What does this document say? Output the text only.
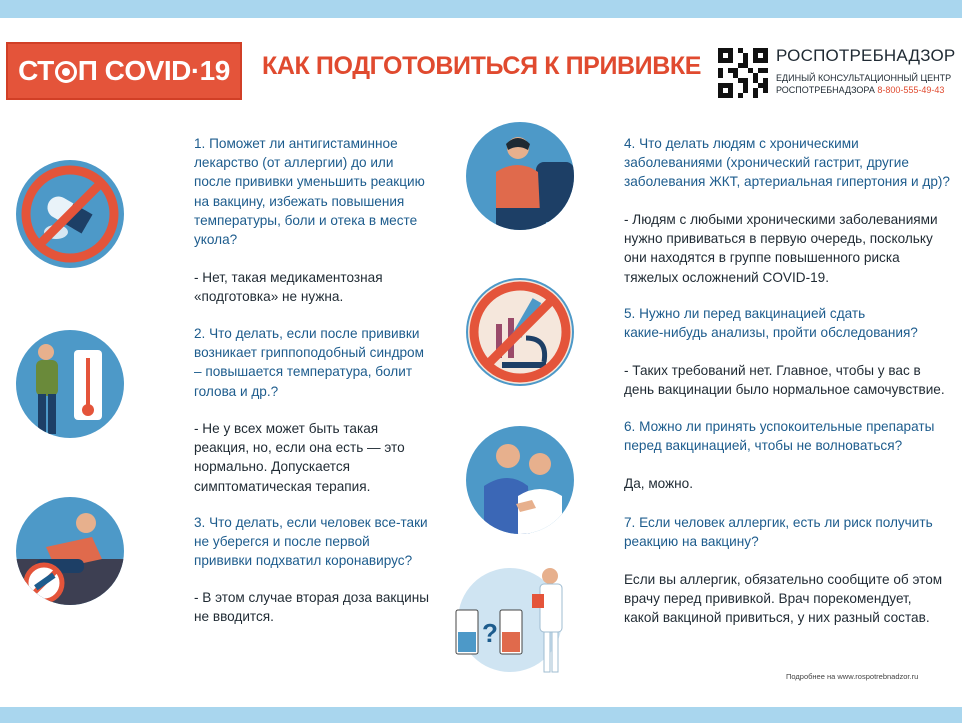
СТ П COVID·19 КАК ПОДГОТОВИТЬСЯ К ПРИВИВКЕ	РОСПОТРЕБНАДЗОР
ЕДИНЫЙ КОНСУЛЬТАЦИОННЫЙ ЦЕНТР
РОСПОТРЕБНАДЗОРА 8-800-555-49-43
?
1. Поможет ли антигистаминное
лекарство (от аллергии) до или
после прививки уменьшить реакцию
на вакцину, избежать повышения
температуры, боли и отека в месте
укола?
- Нет, такая медикаментозная
«подготовка» не нужна.
2. Что делать, если после прививки
возникает гриппоподобный синдром
– повышается температура, болит
голова и др.?
- Не у всех может быть такая
реакция, но, если она есть — это
нормально. Допускается
симптоматическая терапия.
3. Что делать, если человек все-таки
не уберегся и после первой
прививки подхватил коронавирус?
- В этом случае вторая доза вакцины
не вводится.
4. Что делать людям с хроническими
заболеваниями (хронический гастрит, другие
заболевания ЖКТ, артериальная гипертония и др)?
- Людям с любыми хроническими заболеваниями
нужно прививаться в первую очередь, поскольку
они находятся в группе повышенного риска
тяжелых осложнений COVID-19.
5. Нужно ли перед вакцинацией сдать
какие-нибудь анализы, пройти обследования?
- Таких требований нет. Главное, чтобы у вас в
день вакцинации было нормальное самочувствие.
6. Можно ли принять успокоительные препараты
перед вакцинацией, чтобы не волноваться?
Да, можно.
7. Если человек аллергик, есть ли риск получить
реакцию на вакцину?
Если вы аллергик, обязательно сообщите об этом
врачу перед прививкой. Врач порекомендует,
какой вакциной привиться, у них разный состав.
Подробнее на www.rospotrebnadzor.ru
